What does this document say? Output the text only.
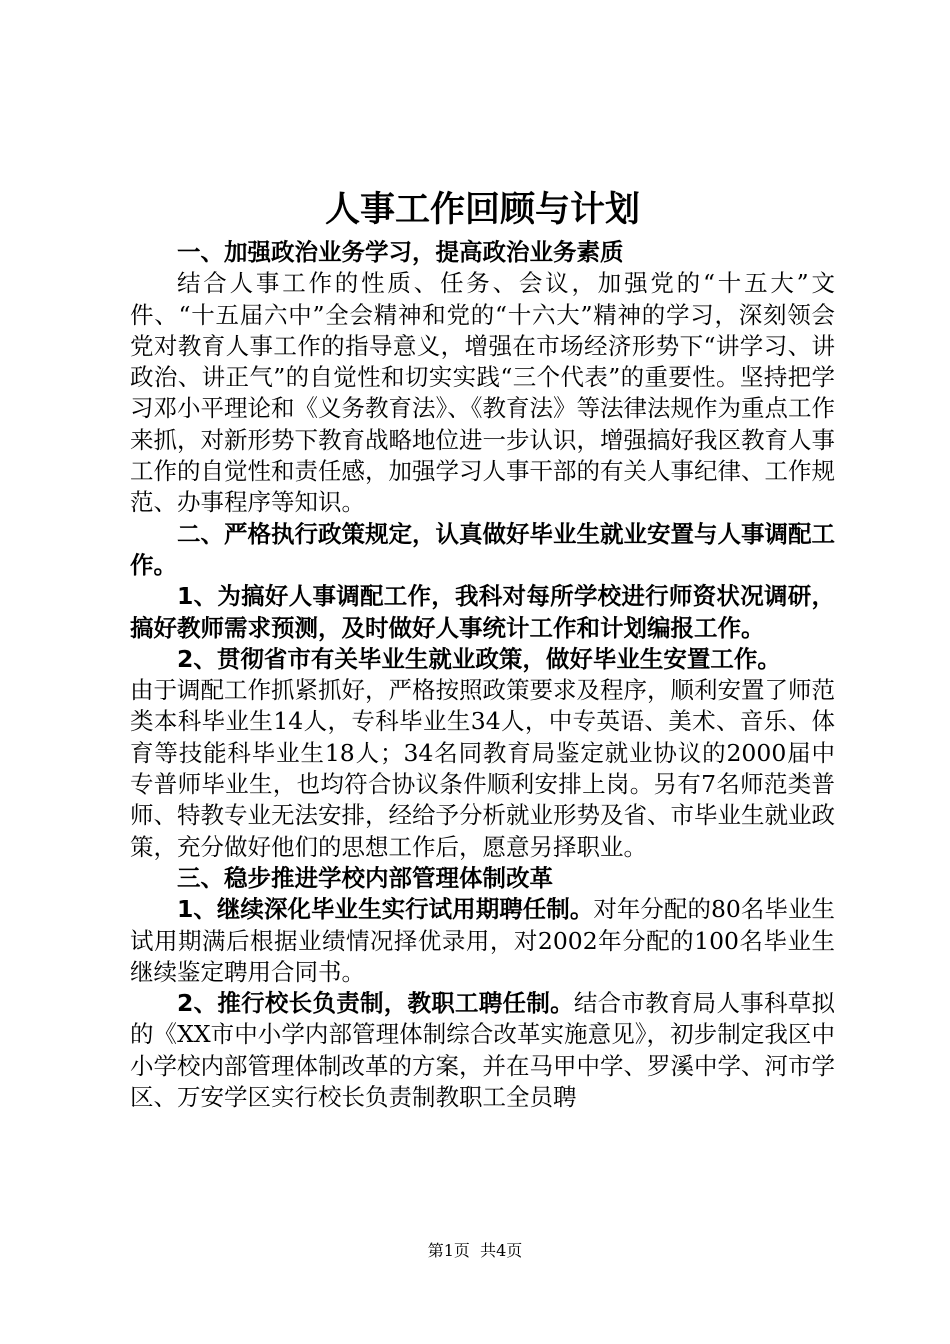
人事工作回顾与计划

一、加强政治业务学习，提高政治业务素质

结合人事工作的性质、任务、会议，加强党的“十五大”文件、“十五届六中”全会精神和党的“十六大”精神的学习，深刻领会党对教育人事工作的指导意义，增强在市场经济形势下“讲学习、讲政治、讲正气”的自觉性和切实实践“三个代表”的重要性。坚持把学习邓小平理论和《义务教育法》、《教育法》等法律法规作为重点工作来抓，对新形势下教育战略地位进一步认识，增强搞好我区教育人事工作的自觉性和责任感，加强学习人事干部的有关人事纪律、工作规范、办事程序等知识。

二、严格执行政策规定，认真做好毕业生就业安置与人事调配工作。

1、为搞好人事调配工作，我科对每所学校进行师资状况调研，搞好教师需求预测，及时做好人事统计工作和计划编报工作。

2、贯彻省市有关毕业生就业政策，做好毕业生安置工作。

由于调配工作抓紧抓好，严格按照政策要求及程序，顺利安置了师范类本科毕业生14人，专科毕业生34人，中专英语、美术、音乐、体育等技能科毕业生18人；34名同教育局鉴定就业协议的2000届中专普师毕业生，也均符合协议条件顺利安排上岗。另有7名师范类普师、特教专业无法安排，经给予分析就业形势及省、市毕业生就业政策，充分做好他们的思想工作后，愿意另择职业。

三、稳步推进学校内部管理体制改革

1、继续深化毕业生实行试用期聘任制。对年分配的80名毕业生试用期满后根据业绩情况择优录用，对2002年分配的100名毕业生继续鉴定聘用合同书。

2、推行校长负责制，教职工聘任制。结合市教育局人事科草拟的《XX市中小学内部管理体制综合改革实施意见》，初步制定我区中小学校内部管理体制改革的方案，并在马甲中学、罗溪中学、河市学区、万安学区实行校长负责制教职工全员聘

第1页 共4页
